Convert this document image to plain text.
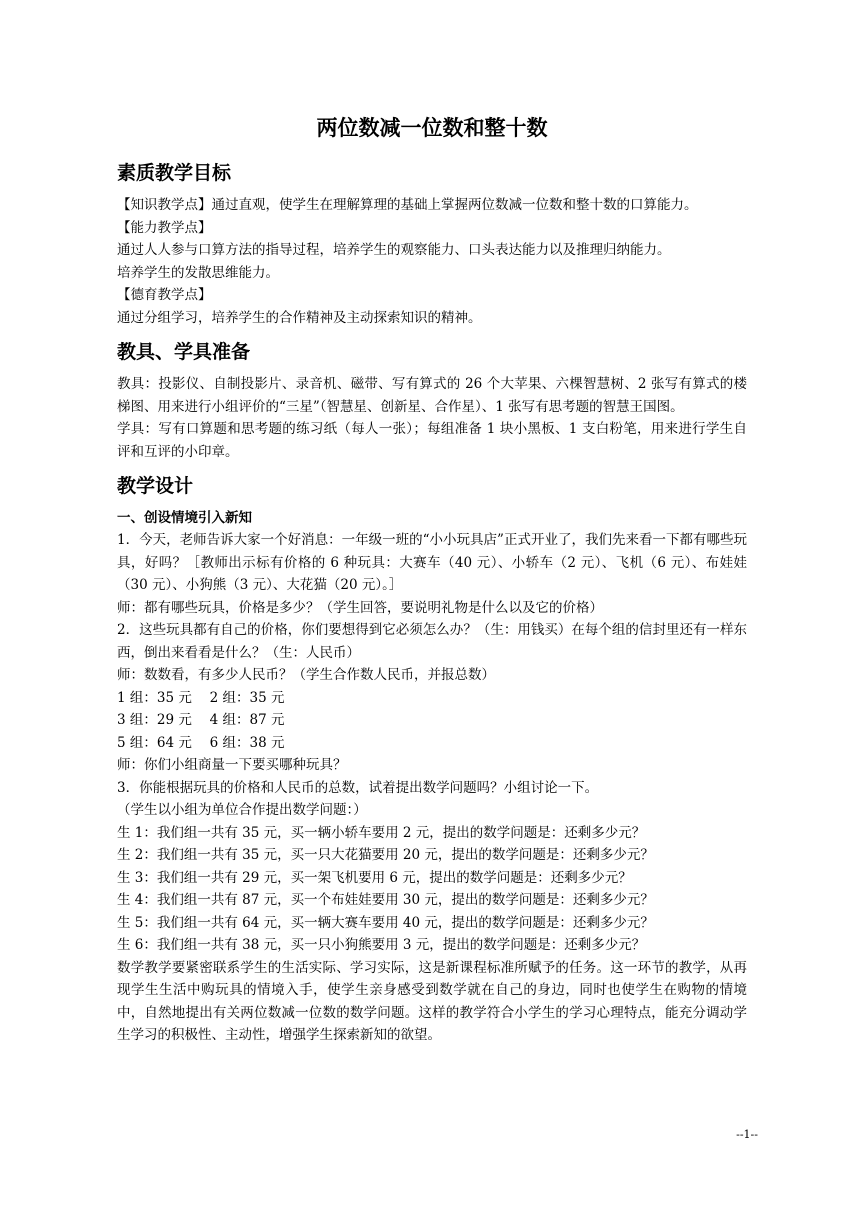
两位数减一位数和整十数
素质教学目标

【知识教学点】通过直观，使学生在理解算理的基础上掌握两位数减一位数和整十数的口算能力。

【能力教学点】

通过人人参与口算方法的指导过程，培养学生的观察能力、口头表达能力以及推理归纳能力。

培养学生的发散思维能力。

【德育教学点】

通过分组学习，培养学生的合作精神及主动探索知识的精神。

教具、学具准备

教具：投影仪、自制投影片、录音机、磁带、写有算式的 26 个大苹果、六棵智慧树、2 张写有算式的楼梯图、用来进行小组评价的“三星”（智慧星、创新星、合作星）、1 张写有思考题的智慧王国图。

学具：写有口算题和思考题的练习纸（每人一张）；每组准备 1 块小黑板、1 支白粉笔，用来进行学生自评和互评的小印章。

教学设计
一、创设情境引入新知

1．今天，老师告诉大家一个好消息：一年级一班的“小小玩具店”正式开业了，我们先来看一下都有哪些玩具，好吗？［教师出示标有价格的 6 种玩具：大赛车（40 元）、小轿车（2 元）、飞机（6 元）、布娃娃（30 元）、小狗熊（3 元）、大花猫（20 元）。］

师：都有哪些玩具，价格是多少？（学生回答，要说明礼物是什么以及它的价格）

2．这些玩具都有自己的价格，你们要想得到它必须怎么办？（生：用钱买）在每个组的信封里还有一样东西，倒出来看看是什么？（生：人民币）

师：数数看，有多少人民币？（学生合作数人民币，并报总数）

1 组：35 元　 2 组：35 元

3 组：29 元　 4 组：87 元

5 组：64 元　 6 组：38 元

师：你们小组商量一下要买哪种玩具？

3．你能根据玩具的价格和人民币的总数，试着提出数学问题吗？小组讨论一下。

（学生以小组为单位合作提出数学问题：）

生 1：我们组一共有 35 元，买一辆小轿车要用 2 元，提出的数学问题是：还剩多少元？

生 2：我们组一共有 35 元，买一只大花猫要用 20 元，提出的数学问题是：还剩多少元？

生 3：我们组一共有 29 元，买一架飞机要用 6 元，提出的数学问题是：还剩多少元？

生 4：我们组一共有 87 元，买一个布娃娃要用 30 元，提出的数学问题是：还剩多少元？

生 5：我们组一共有 64 元，买一辆大赛车要用 40 元，提出的数学问题是：还剩多少元？

生 6：我们组一共有 38 元，买一只小狗熊要用 3 元，提出的数学问题是：还剩多少元？

数学教学要紧密联系学生的生活实际、学习实际，这是新课程标准所赋予的任务。这一环节的教学，从再现学生生活中购玩具的情境入手，使学生亲身感受到数学就在自己的身边，同时也使学生在购物的情境中，自然地提出有关两位数减一位数的数学问题。这样的教学符合小学生的学习心理特点，能充分调动学生学习的积极性、主动性，增强学生探索新知的欲望。

--1--
